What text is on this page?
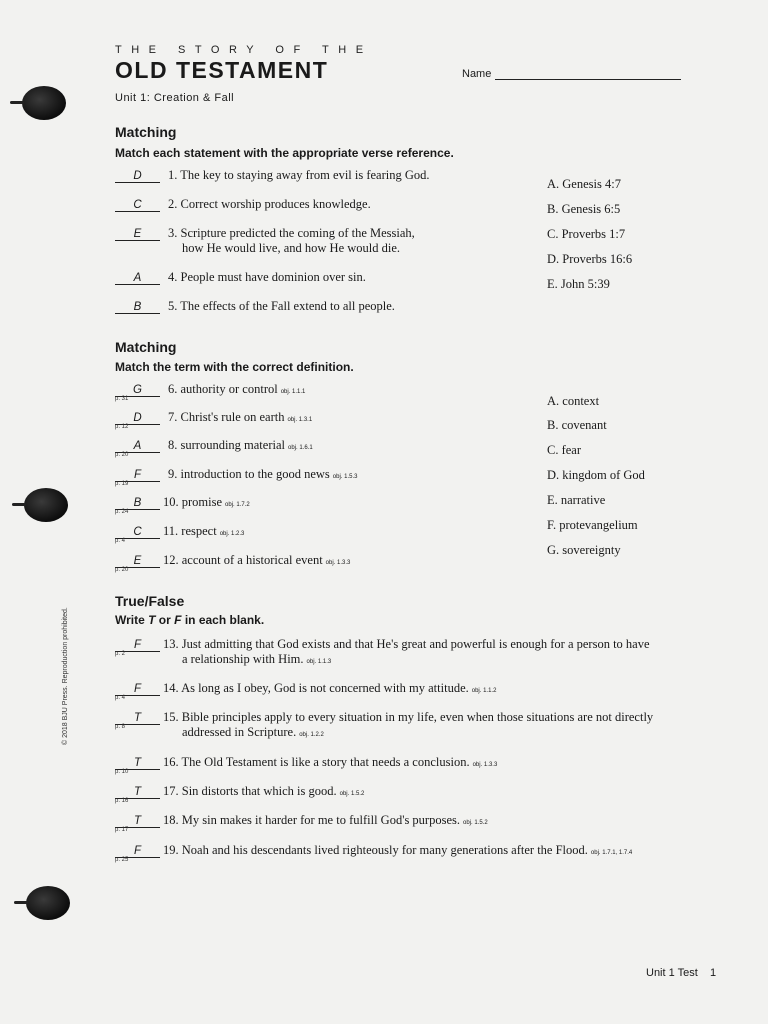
THE STORY OF THE
OLD TESTAMENT
Unit 1: Creation & Fall
Name
Matching
Match each statement with the appropriate verse reference.
D 1. The key to staying away from evil is fearing God.
C 2. Correct worship produces knowledge.
E 3. Scripture predicted the coming of the Messiah,
how He would live, and how He would die.
A 4. People must have dominion over sin.
B 5. The effects of the Fall extend to all people.
A. Genesis 4:7
B. Genesis 6:5
C. Proverbs 1:7
D. Proverbs 16:6
E. John 5:39
Matching
Match the term with the correct definition.
G 6. authority or control obj. 1.1.1
p. 31
D 7. Christ's rule on earth obj. 1.3.1
p. 12
A 8. surrounding material obj. 1.6.1
p. 20
F 9. introduction to the good news obj. 1.5.3
p. 19
B 10. promise obj. 1.7.2
p. 24
C 11. respect obj. 1.2.3
p. 4
E 12. account of a historical event obj. 1.3.3
p. 20
A. context
B. covenant
C. fear
D. kingdom of God
E. narrative
F. protevangelium
G. sovereignty
True/False
Write T or F in each blank.
F 13. Just admitting that God exists and that He's great and powerful is enough for a person to have
p. 2	a relationship with Him. obj. 1.1.3
F 14. As long as I obey, God is not concerned with my attitude. obj. 1.1.2
p. 4
T 15. Bible principles apply to every situation in my life, even when those situations are not directly
p. 8	addressed in Scripture. obj. 1.2.2
T 16. The Old Testament is like a story that needs a conclusion. obj. 1.3.3
p. 10
T 17. Sin distorts that which is good. obj. 1.5.2
p. 16
T 18. My sin makes it harder for me to fulfill God's purposes. obj. 1.5.2
p. 17
F 19. Noah and his descendants lived righteously for many generations after the Flood. obj. 1.7.1, 1.7.4
p. 25
© 2018 BJU Press. Reproduction prohibited.
Unit 1 Test 1
